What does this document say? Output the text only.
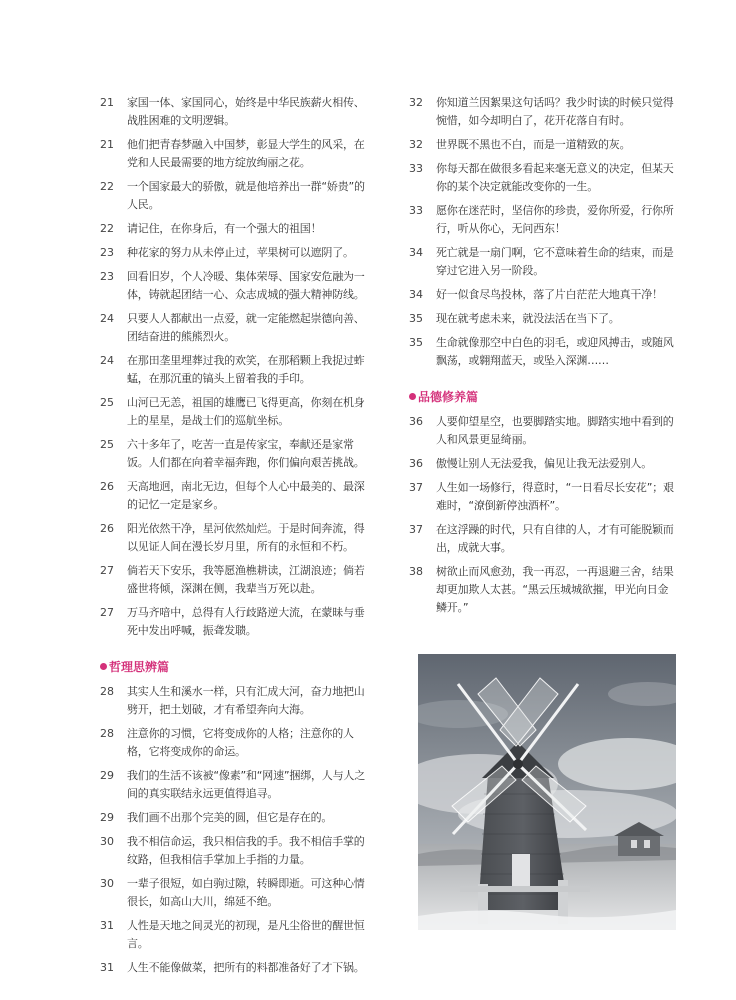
21	家国一体、家国同心，始终是中华民族薪火相传、战胜困难的文明逻辑。
21	他们把青春梦融入中国梦，彰显大学生的风采，在党和人民最需要的地方绽放绚丽之花。
22	一个国家最大的骄傲，就是他培养出一群“娇贵”的人民。
22	请记住，在你身后，有一个强大的祖国！
23	种花家的努力从未停止过，苹果树可以遮阴了。
23	回看旧岁，个人冷暖、集体荣辱、国家安危融为一体，铸就起团结一心、众志成城的强大精神防线。
24	只要人人都献出一点爱，就一定能燃起崇德向善、团结奋进的熊熊烈火。
24	在那田垄里埋葬过我的欢笑，在那稻颗上我捉过蚱蜢，在那沉重的镐头上留着我的手印。
25	山河已无恙，祖国的雄鹰已飞得更高，你刻在机身上的星星，是战士们的巡航坐标。
25	六十多年了，吃苦一直是传家宝，奉献还是家常饭。人们都在向着幸福奔跑，你们偏向艰苦挑战。
26	天高地迥，南北无边，但每个人心中最美的、最深的记忆一定是家乡。
26	阳光依然干净，星河依然灿烂。于是时间奔流，得以见证人间在漫长岁月里，所有的永恒和不朽。
27	倘若天下安乐，我等愿渔樵耕读，江湖浪迹；倘若盛世将倾，深渊在侧，我辈当万死以赴。
27	万马齐喑中，总得有人行歧路逆大流，在蒙昧与垂死中发出呼喊，振聋发聩。
哲理思辨篇
28	其实人生和溪水一样，只有汇成大河，奋力地把山劈开，把土划破，才有希望奔向大海。
28	注意你的习惯，它将变成你的人格；注意你的人格，它将变成你的命运。
29	我们的生活不该被“像素”和“网速”捆绑，人与人之间的真实联结永远更值得追寻。
29	我们画不出那个完美的圆，但它是存在的。
30	我不相信命运，我只相信我的手。我不相信手掌的纹路，但我相信手掌加上手指的力量。
30	一辈子很短，如白驹过隙，转瞬即逝。可这种心情很长，如高山大川，绵延不绝。
31	人性是天地之间灵光的初现，是凡尘俗世的醒世恒言。
31	人生不能像做菜，把所有的料都准备好了才下锅。
32	你知道兰因絮果这句话吗？我少时读的时候只觉得惋惜，如今却明白了，花开花落自有时。
32	世界既不黑也不白，而是一道精致的灰。
33	你每天都在做很多看起来毫无意义的决定，但某天你的某个决定就能改变你的一生。
33	愿你在迷茫时，坚信你的珍贵，爱你所爱，行你所行，听从你心，无问西东！
34	死亡就是一扇门啊，它不意味着生命的结束，而是穿过它进入另一阶段。
34	好一似食尽鸟投林，落了片白茫茫大地真干净！
35	现在就考虑未来，就没法活在当下了。
35	生命就像那空中白色的羽毛，或迎风搏击，或随风飘荡，或翱翔蓝天，或坠入深渊……
品德修养篇
36	人要仰望星空，也要脚踏实地。脚踏实地中看到的人和风景更显绮丽。
36	傲慢让别人无法爱我，偏见让我无法爱别人。
37	人生如一场修行，得意时，“一日看尽长安花”；艰难时，“潦倒新停浊酒杯”。
37	在这浮躁的时代，只有自律的人，才有可能脱颖而出，成就大事。
38	树欲止而风愈劲，我一再忍，一再退避三舍，结果却更加欺人太甚。“黑云压城城欲摧，甲光向日金鳞开。”
